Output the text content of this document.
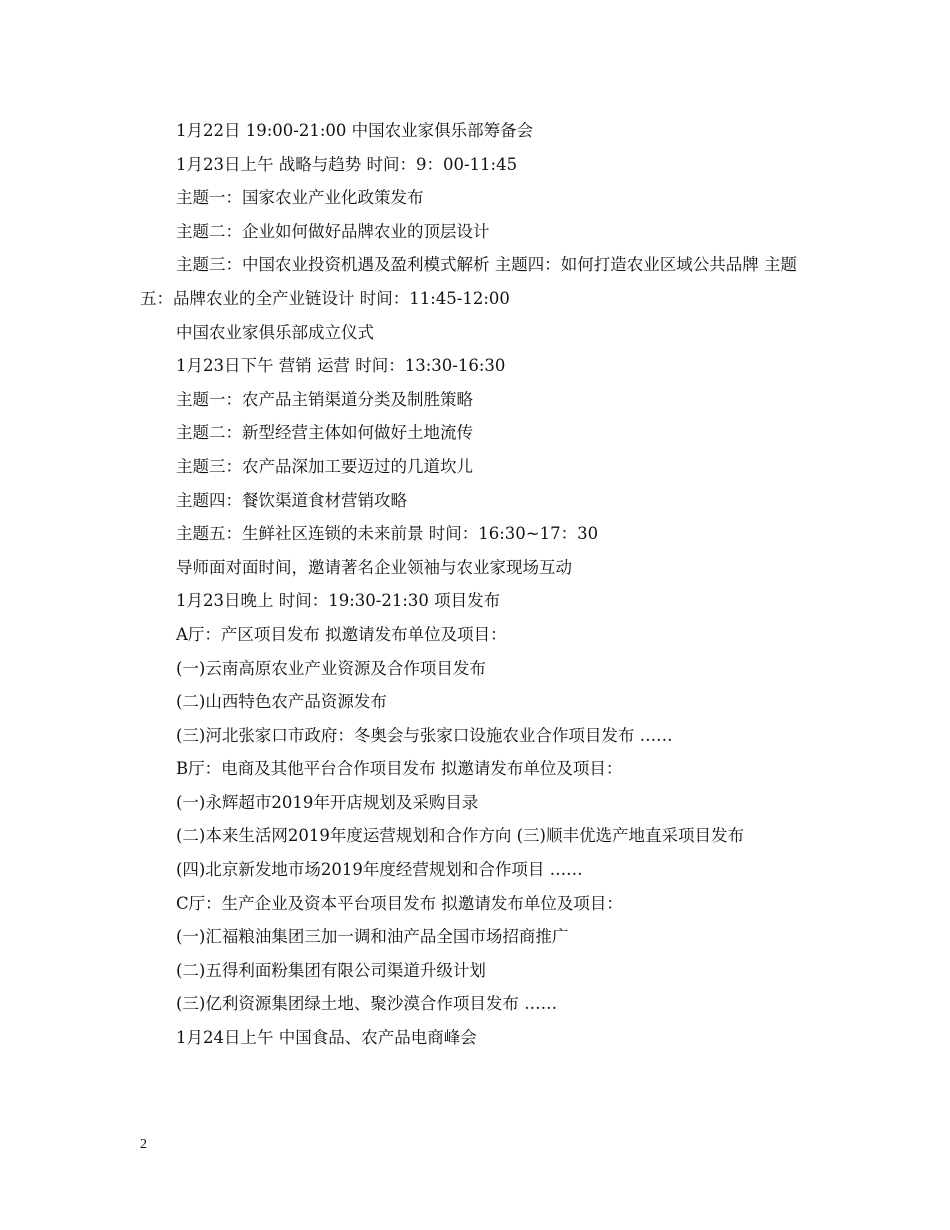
1月22日 19:00-21:00 中国农业家俱乐部筹备会

1月23日上午 战略与趋势 时间：9：00-11:45

主题一：国家农业产业化政策发布

主题二：企业如何做好品牌农业的顶层设计

主题三：中国农业投资机遇及盈利模式解析 主题四：如何打造农业区域公共品牌 主题五：品牌农业的全产业链设计 时间：11:45-12:00

中国农业家俱乐部成立仪式

1月23日下午 营销 运营 时间：13:30-16:30

主题一：农产品主销渠道分类及制胜策略

主题二：新型经营主体如何做好土地流传

主题三：农产品深加工要迈过的几道坎儿

主题四：餐饮渠道食材营销攻略

主题五：生鲜社区连锁的未来前景 时间：16:30~17：30

导师面对面时间，邀请著名企业领袖与农业家现场互动

1月23日晚上 时间：19:30-21:30 项目发布

A厅：产区项目发布 拟邀请发布单位及项目：

(一)云南高原农业产业资源及合作项目发布

(二)山西特色农产品资源发布

(三)河北张家口市政府：冬奥会与张家口设施农业合作项目发布 ……

B厅：电商及其他平台合作项目发布 拟邀请发布单位及项目：

(一)永辉超市2019年开店规划及采购目录

(二)本来生活网2019年度运营规划和合作方向 (三)顺丰优选产地直采项目发布

(四)北京新发地市场2019年度经营规划和合作项目 ……

C厅：生产企业及资本平台项目发布 拟邀请发布单位及项目：

(一)汇福粮油集团三加一调和油产品全国市场招商推广

(二)五得利面粉集团有限公司渠道升级计划

(三)亿利资源集团绿土地、聚沙漠合作项目发布 ……

1月24日上午 中国食品、农产品电商峰会

2
